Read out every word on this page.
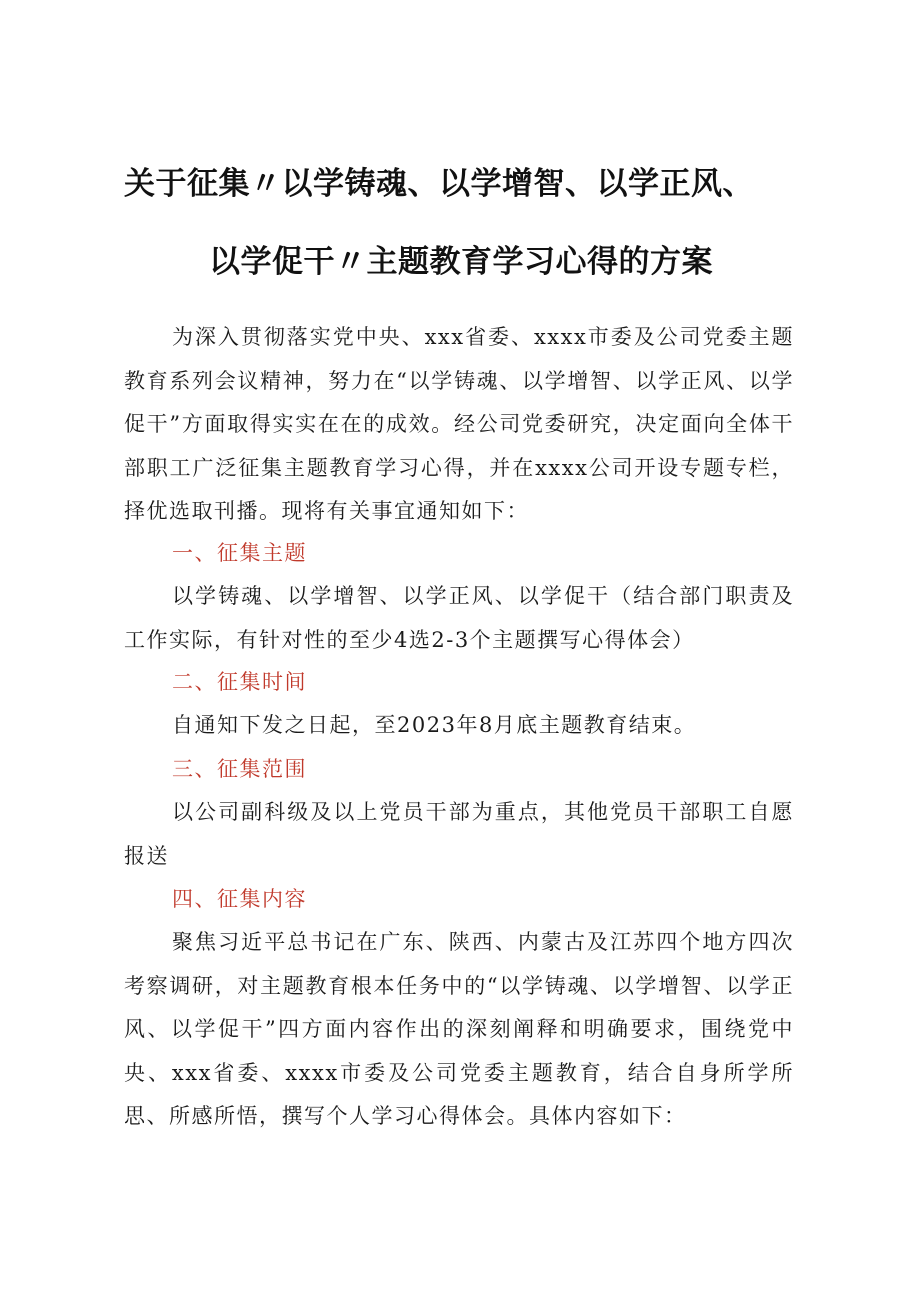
关于征集〃以学铸魂、以学增智、以学正风、
以学促干〃主题教育学习心得的方案

为深入贯彻落实党中央、xxx省委、xxxx市委及公司党委主题教育系列会议精神，努力在“以学铸魂、以学增智、以学正风、以学促干”方面取得实实在在的成效。经公司党委研究，决定面向全体干部职工广泛征集主题教育学习心得，并在xxxx公司开设专题专栏，择优选取刊播。现将有关事宜通知如下：

一、征集主题

以学铸魂、以学增智、以学正风、以学促干（结合部门职责及工作实际，有针对性的至少4选2-3个主题撰写心得体会）

二、征集时间

自通知下发之日起，至2023年8月底主题教育结束。

三、征集范围

以公司副科级及以上党员干部为重点，其他党员干部职工自愿报送

四、征集内容

聚焦习近平总书记在广东、陕西、内蒙古及江苏四个地方四次考察调研，对主题教育根本任务中的“以学铸魂、以学增智、以学正风、以学促干”四方面内容作出的深刻阐释和明确要求，围绕党中央、xxx省委、xxxx市委及公司党委主题教育，结合自身所学所思、所感所悟，撰写个人学习心得体会。具体内容如下：
